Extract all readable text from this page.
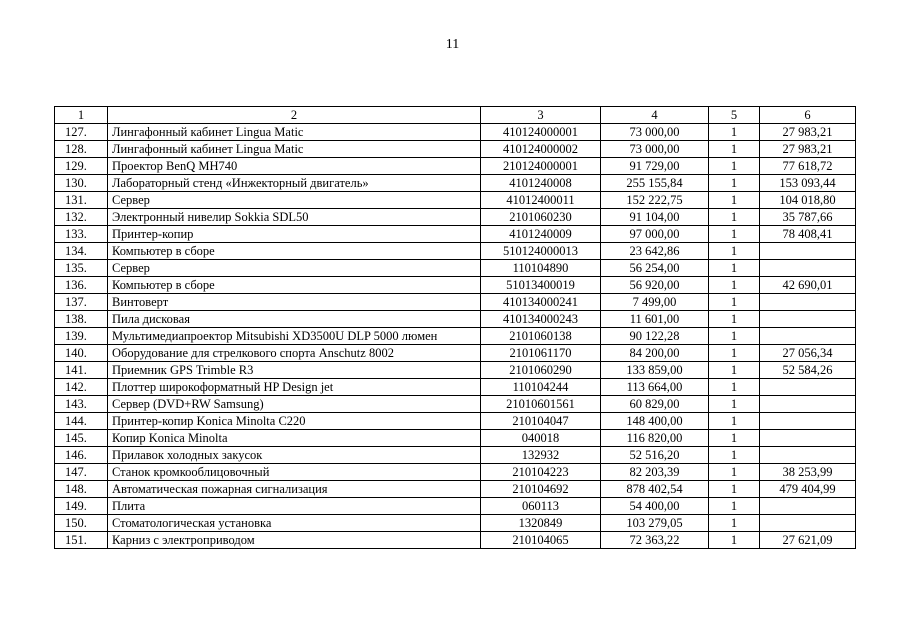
11
1	2	3	4	5	6
127.	Лингафонный кабинет Lingua Matic	410124000001	73 000,00	1	27 983,21
128.	Лингафонный кабинет Lingua Matic	410124000002	73 000,00	1	27 983,21
129.	Проектор BenQ MH740	210124000001	91 729,00	1	77 618,72
130.	Лабораторный стенд «Инжекторный двигатель»	4101240008	255 155,84	1	153 093,44
131.	Сервер	41012400011	152 222,75	1	104 018,80
132.	Электронный нивелир Sokkia SDL50	2101060230	91 104,00	1	35 787,66
133.	Принтер-копир	4101240009	97 000,00	1	78 408,41
134.	Компьютер в сборе	510124000013	23 642,86	1	
135.	Сервер	110104890	56 254,00	1	
136.	Компьютер в сборе	51013400019	56 920,00	1	42 690,01
137.	Винтоверт	410134000241	7 499,00	1	
138.	Пила дисковая	410134000243	11 601,00	1	
139.	Мультимедиапроектор Mitsubishi XD3500U DLP 5000 люмен	2101060138	90 122,28	1	
140.	Оборудование для стрелкового спорта Anschutz 8002	2101061170	84 200,00	1	27 056,34
141.	Приемник GPS Trimble R3	2101060290	133 859,00	1	52 584,26
142.	Плоттер широкоформатный HP Design jet	110104244	113 664,00	1	
143.	Сервер (DVD+RW Samsung)	21010601561	60 829,00	1	
144.	Принтер-копир Konica Minolta C220	210104047	148 400,00	1	
145.	Копир Konica Minolta	040018	116 820,00	1	
146.	Прилавок холодных закусок	132932	52 516,20	1	
147.	Станок кромкооблицовочный	210104223	82 203,39	1	38 253,99
148.	Автоматическая пожарная сигнализация	210104692	878 402,54	1	479 404,99
149.	Плита	060113	54 400,00	1	
150.	Стоматологическая установка	1320849	103 279,05	1	
151.	Карниз с электроприводом	210104065	72 363,22	1	27 621,09
